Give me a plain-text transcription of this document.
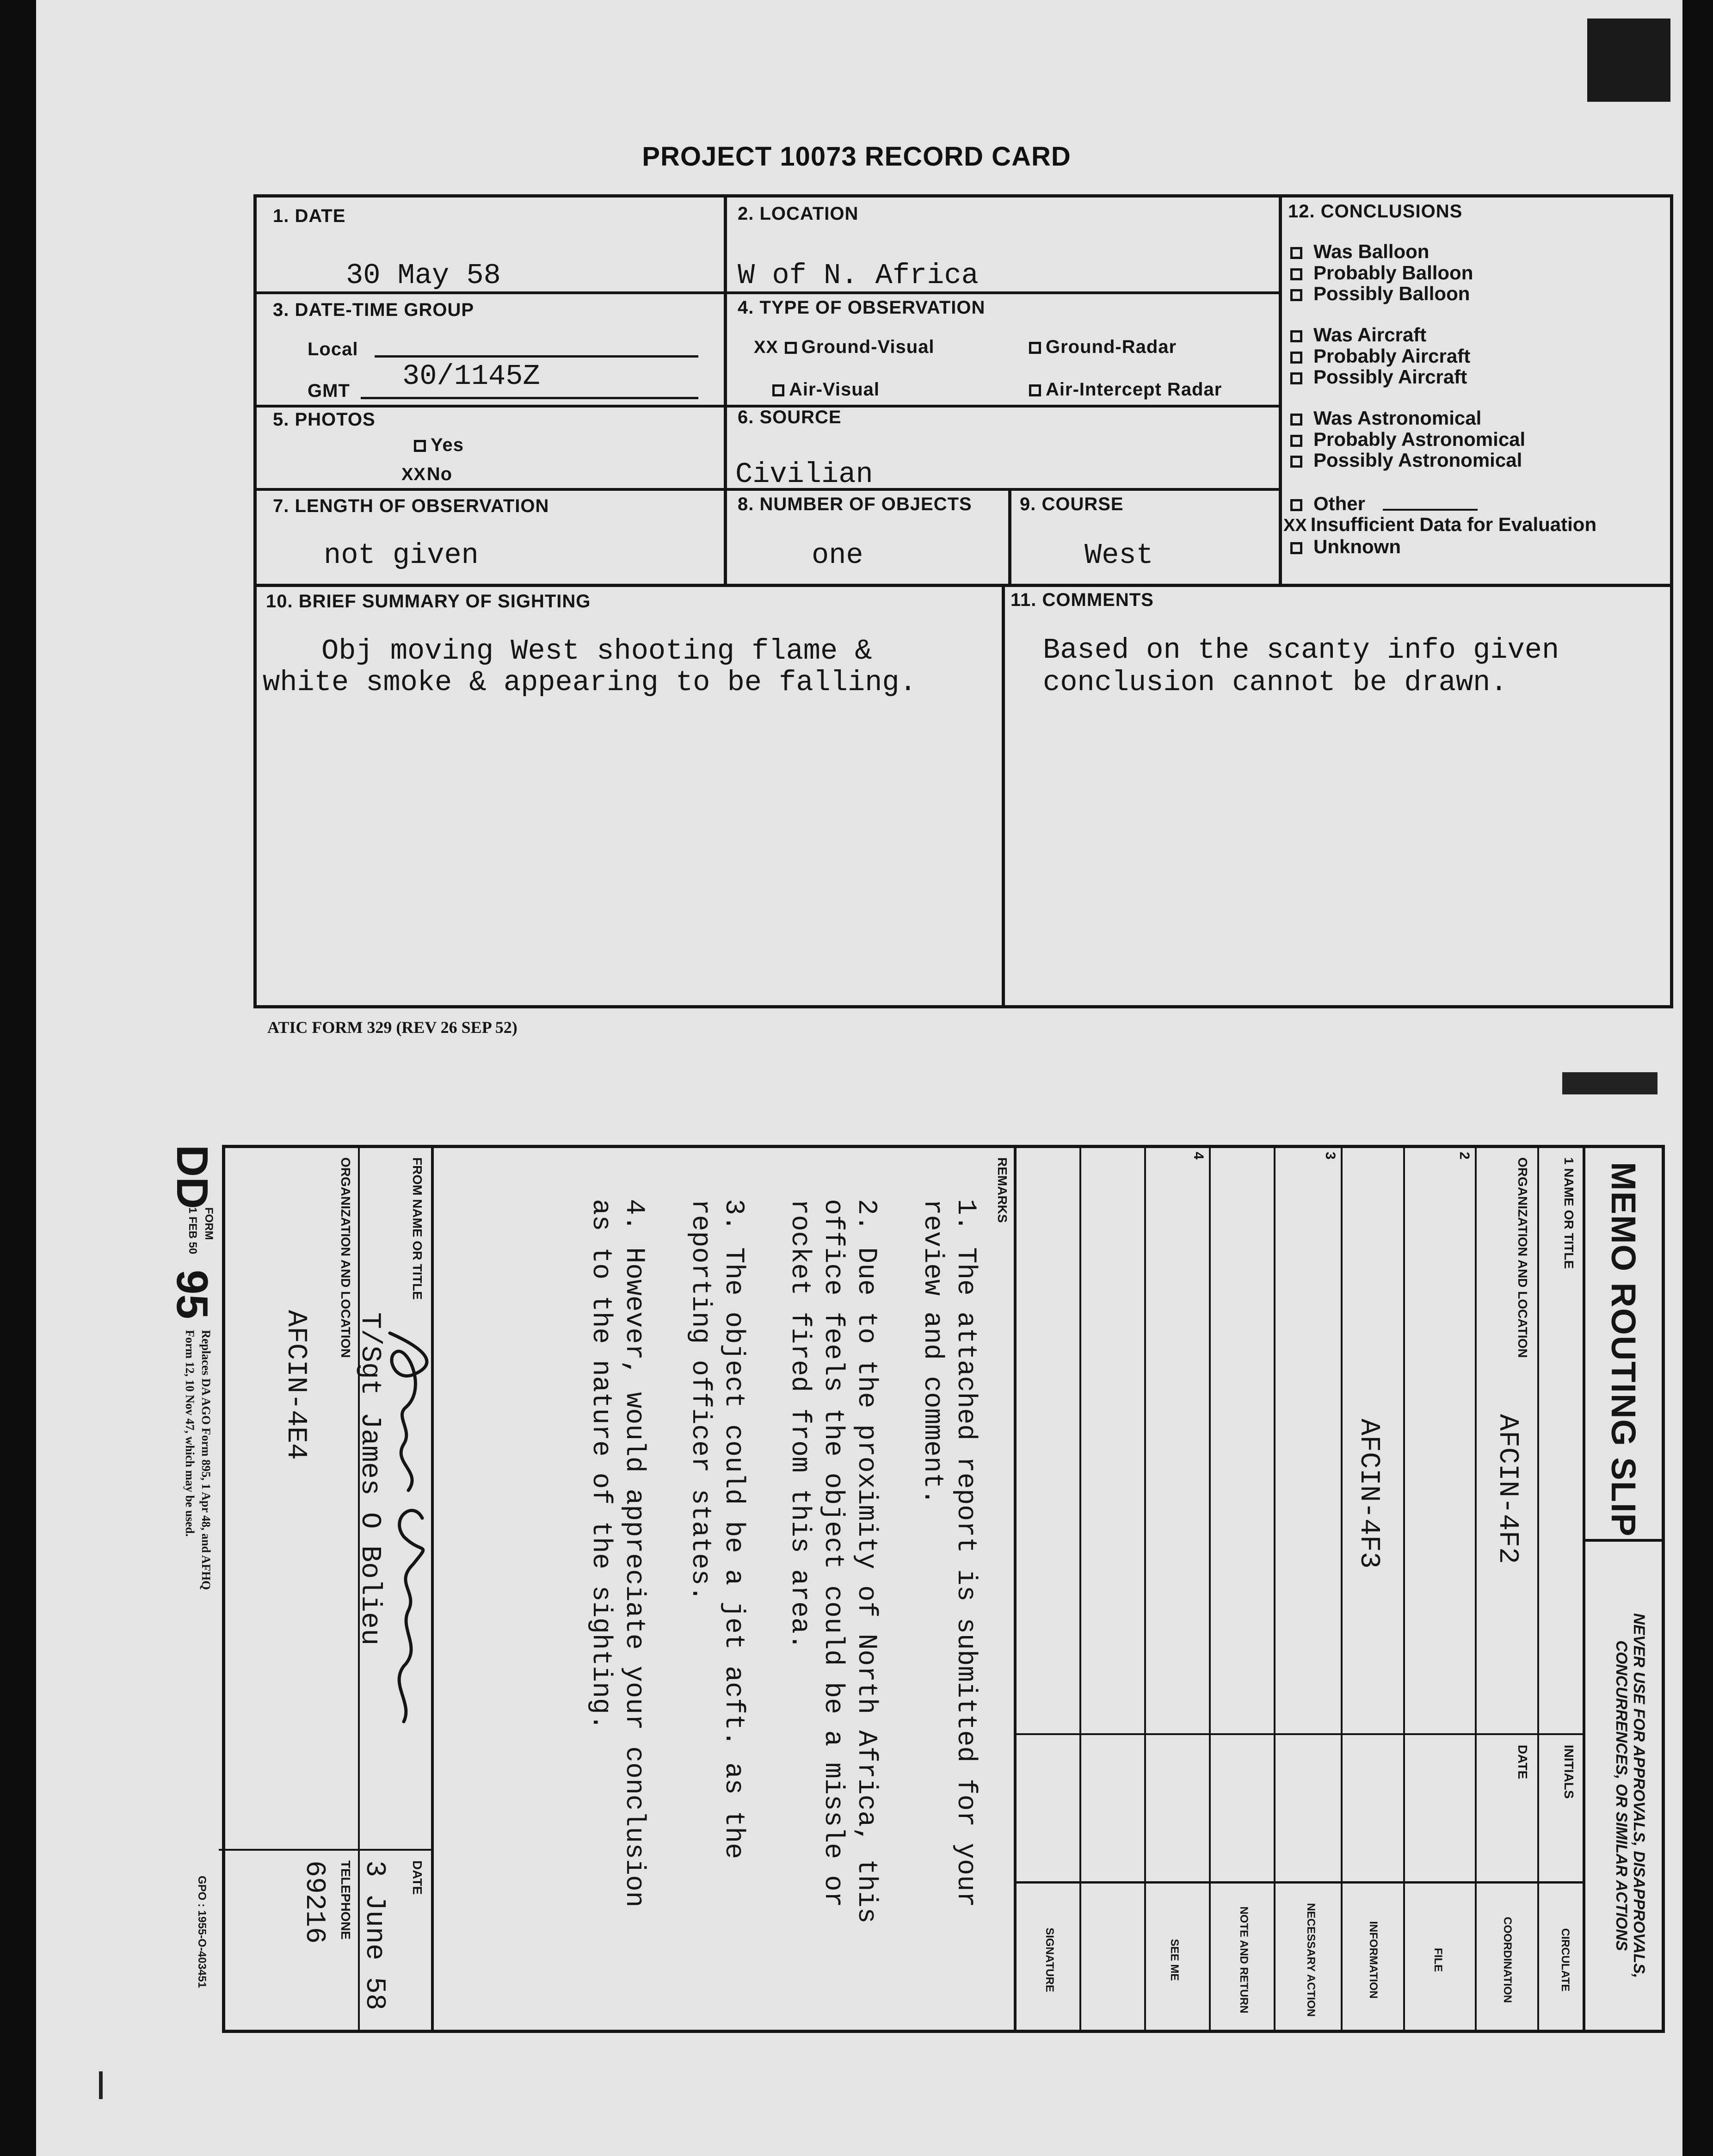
PROJECT 10073 RECORD CARD
1. DATE
30 May 58
2. LOCATION
W of N. Africa
3. DATE-TIME GROUP
Local
GMT 30/1145Z
4. TYPE OF OBSERVATION
XX Ground-Visual	Ground-Radar
Air-Visual	Air-Intercept Radar
5. PHOTOS
Yes
XXNo
6. SOURCE
Civilian
7. LENGTH OF OBSERVATION
not given
8. NUMBER OF OBJECTS
one
9. COURSE
West
10. BRIEF SUMMARY OF SIGHTING
Obj moving West shooting flame &
white smoke & appearing to be falling.
11. COMMENTS
Based on the scanty info given
conclusion cannot be drawn.
12. CONCLUSIONS
Was Balloon
Probably Balloon
Possibly Balloon
Was Aircraft
Probably Aircraft
Possibly Aircraft
Was Astronomical
Probably Astronomical
Possibly Astronomical
Other
XX Insufficient Data for Evaluation
Unknown
ATIC FORM 329 (REV 26 SEP 52)
MEMO ROUTING SLIP
NEVER USE FOR APPROVALS, DISAPPROVALS,
CONCURRENCES, OR SIMILAR ACTIONS
1 NAME OR TITLE
ORGANIZATION AND LOCATION
AFCIN-4F2
2
AFCIN-4F3
3
4
INITIALS
DATE
CIRCULATE
COORDINATION
FILE
INFORMATION
NECESSARY ACTION
NOTE AND RETURN
SEE ME
SIGNATURE
REMARKS
1. The attached report is submitted for your
review and comment.
2. Due to the proximity of North Africa, this
office feels the object could be a missle or
rocket fired from this area.
3. The object could be a jet acft. as the
reporting officer states.
4. However, would appreciate your conclusion
as to the nature of the sighting.
FROM NAME OR TITLE
T/Sgt James O Bolieu
ORGANIZATION AND LOCATION
AFCIN-4E4
DATE
3 June 58
TELEPHONE
69216
DD
FORM
1 FEB 50
95
Replaces DA AGO Form 895, 1 Apr 48, and AFHQ
Form 12, 10 Nov 47, which may be used.
GPO : 1955-O-403451
